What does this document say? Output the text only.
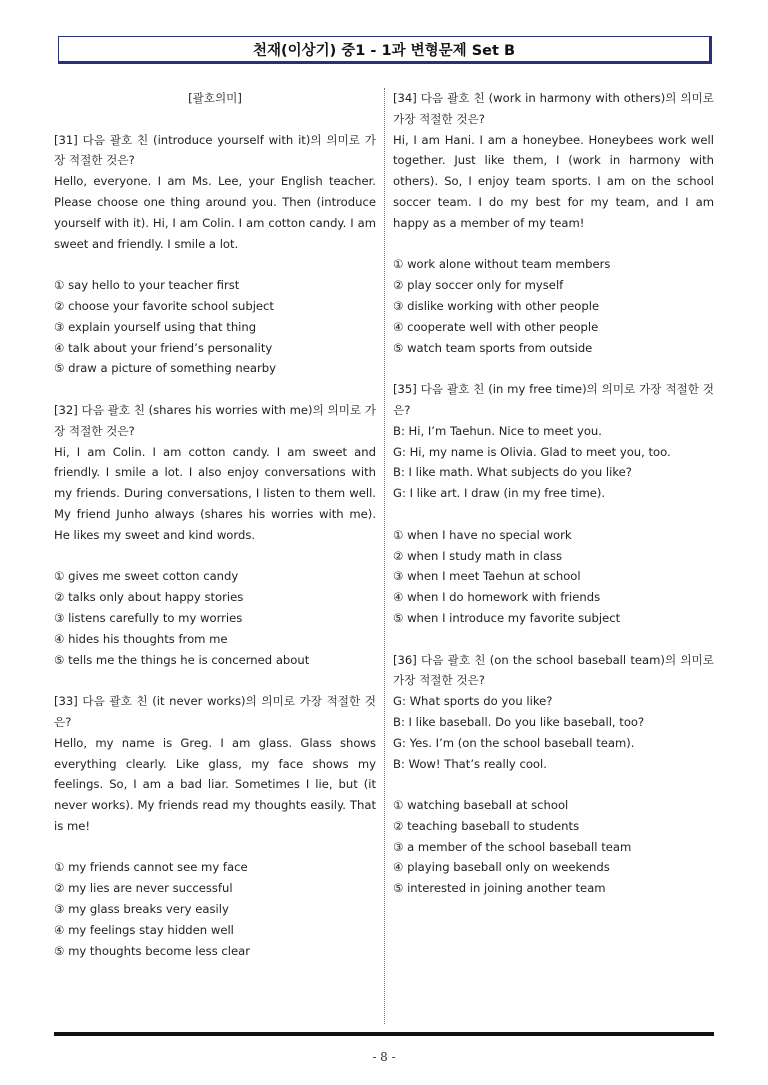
천재(이상기) 중1 - 1과 변형문제 Set B
[괄호의미]

[31] 다음 괄호 친 (introduce yourself with it)의 의미로 가장 적절한 것은?

Hello, everyone. I am Ms. Lee, your English teacher. Please choose one thing around you. Then (introduce yourself with it). Hi, I am Colin. I am cotton candy. I am sweet and friendly. I smile a lot.

① say hello to your teacher first
② choose your favorite school subject
③ explain yourself using that thing
④ talk about your friend’s personality
⑤ draw a picture of something nearby

[32] 다음 괄호 친 (shares his worries with me)의 의미로 가장 적절한 것은?

Hi, I am Colin. I am cotton candy. I am sweet and friendly. I smile a lot. I also enjoy conversations with my friends. During conversations, I listen to them well. My friend Junho always (shares his worries with me). He likes my sweet and kind words.

① gives me sweet cotton candy
② talks only about happy stories
③ listens carefully to my worries
④ hides his thoughts from me
⑤ tells me the things he is concerned about

[33] 다음 괄호 친 (it never works)의 의미로 가장 적절한 것은?

Hello, my name is Greg. I am glass. Glass shows everything clearly. Like glass, my face shows my feelings. So, I am a bad liar. Sometimes I lie, but (it never works). My friends read my thoughts easily. That is me!

① my friends cannot see my face
② my lies are never successful
③ my glass breaks very easily
④ my feelings stay hidden well
⑤ my thoughts become less clear

[34] 다음 괄호 친 (work in harmony with others)의 의미로 가장 적절한 것은?

Hi, I am Hani. I am a honeybee. Honeybees work well together. Just like them, I (work in harmony with others). So, I enjoy team sports. I am on the school soccer team. I do my best for my team, and I am happy as a member of my team!

① work alone without team members
② play soccer only for myself
③ dislike working with other people
④ cooperate well with other people
⑤ watch team sports from outside

[35] 다음 괄호 친 (in my free time)의 의미로 가장 적절한 것은?

B: Hi, I’m Taehun. Nice to meet you.

G: Hi, my name is Olivia. Glad to meet you, too.

B: I like math. What subjects do you like?

G: I like art. I draw (in my free time).

① when I have no special work
② when I study math in class
③ when I meet Taehun at school
④ when I do homework with friends
⑤ when I introduce my favorite subject

[36] 다음 괄호 친 (on the school baseball team)의 의미로 가장 적절한 것은?

G: What sports do you like?

B: I like baseball. Do you like baseball, too?

G: Yes. I’m (on the school baseball team).

B: Wow! That’s really cool.

① watching baseball at school
② teaching baseball to students
③ a member of the school baseball team
④ playing baseball only on weekends
⑤ interested in joining another team
- 8 -
